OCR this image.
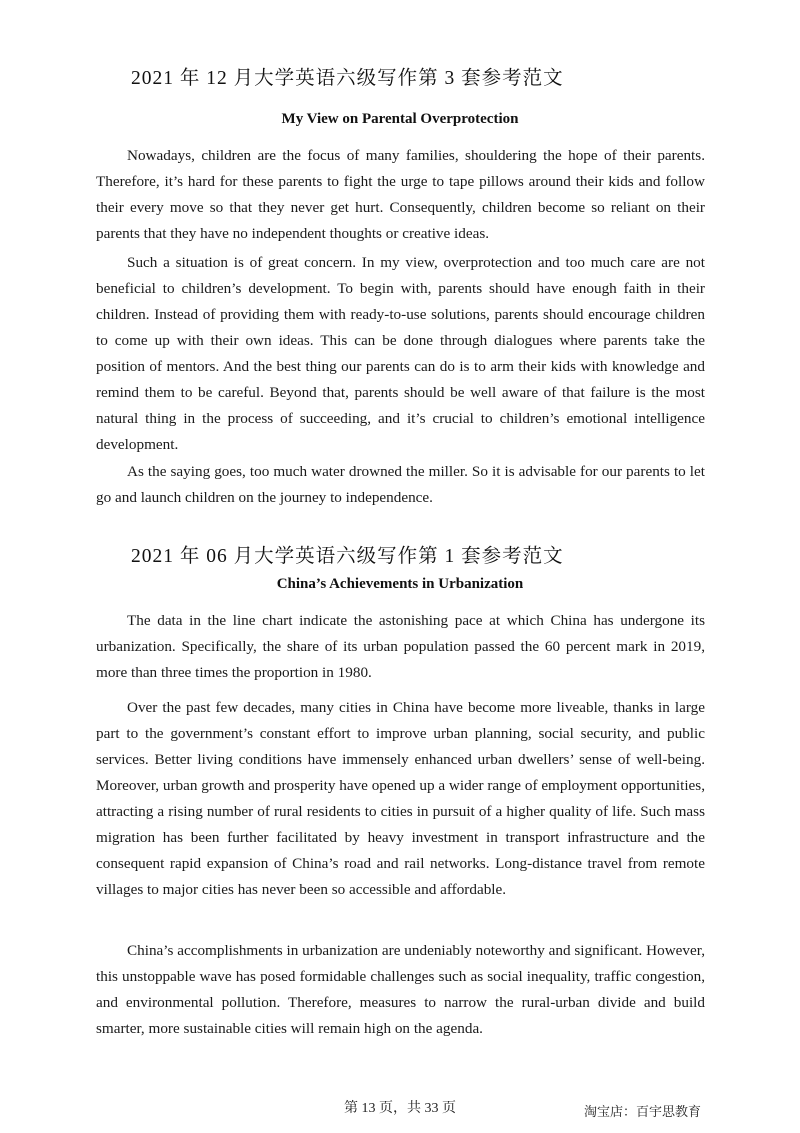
2021 年 12 月大学英语六级写作第 3 套参考范文
My View on Parental Overprotection

Nowadays, children are the focus of many families, shouldering the hope of their parents. Therefore, it’s hard for these parents to fight the urge to tape pillows around their kids and follow their every move so that they never get hurt. Consequently, children become so reliant on their parents that they have no independent thoughts or creative ideas.

Such a situation is of great concern. In my view, overprotection and too much care are not beneficial to children’s development. To begin with, parents should have enough faith in their children. Instead of providing them with ready-to-use solutions, parents should encourage children to come up with their own ideas. This can be done through dialogues where parents take the position of mentors. And the best thing our parents can do is to arm their kids with knowledge and remind them to be careful. Beyond that, parents should be well aware of that failure is the most natural thing in the process of succeeding, and it’s crucial to children’s emotional intelligence development.

As the saying goes, too much water drowned the miller. So it is advisable for our parents to let go and launch children on the journey to independence.

2021 年 06 月大学英语六级写作第 1 套参考范文
China’s Achievements in Urbanization

The data in the line chart indicate the astonishing pace at which China has undergone its urbanization. Specifically, the share of its urban population passed the 60 percent mark in 2019, more than three times the proportion in 1980.

Over the past few decades, many cities in China have become more liveable, thanks in large part to the government’s constant effort to improve urban planning, social security, and public services. Better living conditions have immensely enhanced urban dwellers’ sense of well-being. Moreover, urban growth and prosperity have opened up a wider range of employment opportunities, attracting a rising number of rural residents to cities in pursuit of a higher quality of life. Such mass migration has been further facilitated by heavy investment in transport infrastructure and the consequent rapid expansion of China’s road and rail networks. Long-distance travel from remote villages to major cities has never been so accessible and affordable.

China’s accomplishments in urbanization are undeniably noteworthy and significant. However, this unstoppable wave has posed formidable challenges such as social inequality, traffic congestion, and environmental pollution. Therefore, measures to narrow the rural-urban divide and build smarter, more sustainable cities will remain high on the agenda.

第 13 页，共 33 页	淘宝店：百宇思教育
